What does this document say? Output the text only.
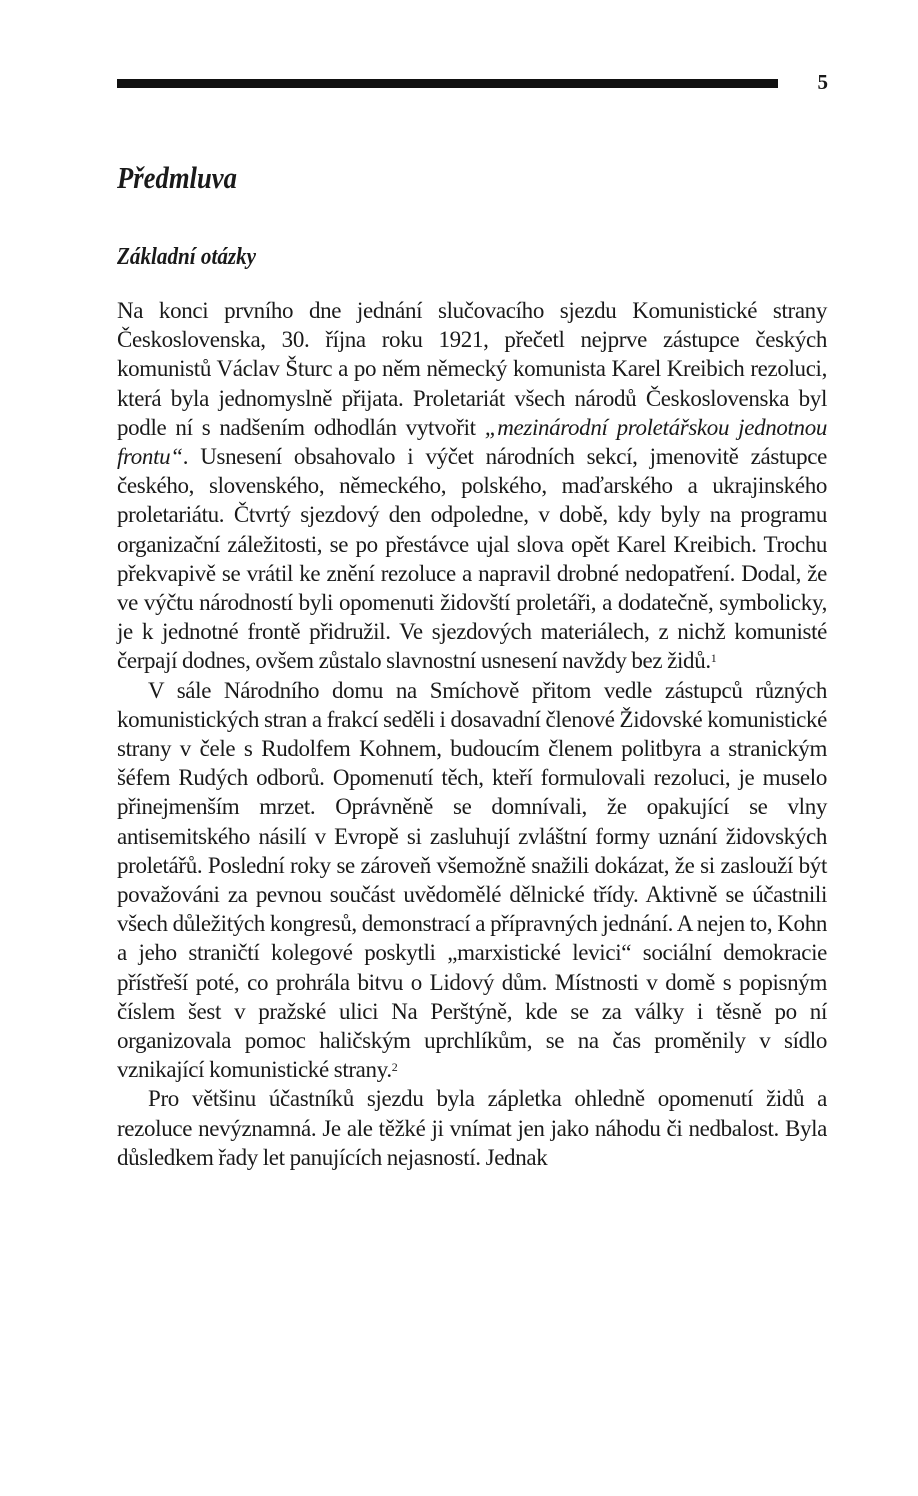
5
Předmluva
Základní otázky

Na konci prvního dne jednání slučovacího sjezdu Komunistické strany Československa, 30. října roku 1921, přečetl nejprve zástupce českých komunistů Václav Šturc a po něm německý komunista Karel Kreibich rezoluci, která byla jednomyslně přijata. Proletariát všech národů Československa byl podle ní s nadšením odhodlán vytvořit „mezinárodní proletářskou jednotnou frontu“. Usnesení obsahovalo i výčet národních sekcí, jmenovitě zástupce českého, slovenského, německého, polského, maďarského a ukrajinského proletariátu. Čtvrtý sjezdový den odpoledne, v době, kdy byly na programu organizační záležitosti, se po přestávce ujal slova opět Karel Kreibich. Trochu překvapivě se vrátil ke znění rezoluce a napravil drobné nedopatření. Dodal, že ve výčtu národností byli opomenuti židovští proletáři, a dodatečně, symbolicky, je k jednotné frontě přidružil. Ve sjezdových materiálech, z nichž komunisté čerpají dodnes, ovšem zůstalo slavnostní usnesení navždy bez židů.$^1$

V sále Národního domu na Smíchově přitom vedle zástupců různých komunistických stran a frakcí seděli i dosavadní členové Židovské komunistické strany v čele s Rudolfem Kohnem, budoucím členem politbyra a stranickým šéfem Rudých odborů. Opomenutí těch, kteří formulovali rezoluci, je muselo přinejmenším mrzet. Oprávněně se domnívali, že opakující se vlny antisemitského násilí v Evropě si zasluhují zvláštní formy uznání židovských proletářů. Poslední roky se zároveň všemožně snažili dokázat, že si zaslouží být považováni za pevnou součást uvědomělé dělnické třídy. Aktivně se účastnili všech důležitých kongresů, demonstrací a přípravných jednání. A nejen to, Kohn a jeho straničtí kolegové poskytli „marxistické levici“ sociální demokracie přístřeší poté, co prohrála bitvu o Lidový dům. Místnosti v domě s popisným číslem šest v pražské ulici Na Perštýně, kde se za války i těsně po ní organizovala pomoc haličským uprchlíkům, se na čas proměnily v sídlo vznikající komunistické strany.$^2$

Pro většinu účastníků sjezdu byla zápletka ohledně opomenutí židů a rezoluce nevýznamná. Je ale těžké ji vnímat jen jako náhodu či nedbalost. Byla důsledkem řady let panujících nejasností. Jednak
